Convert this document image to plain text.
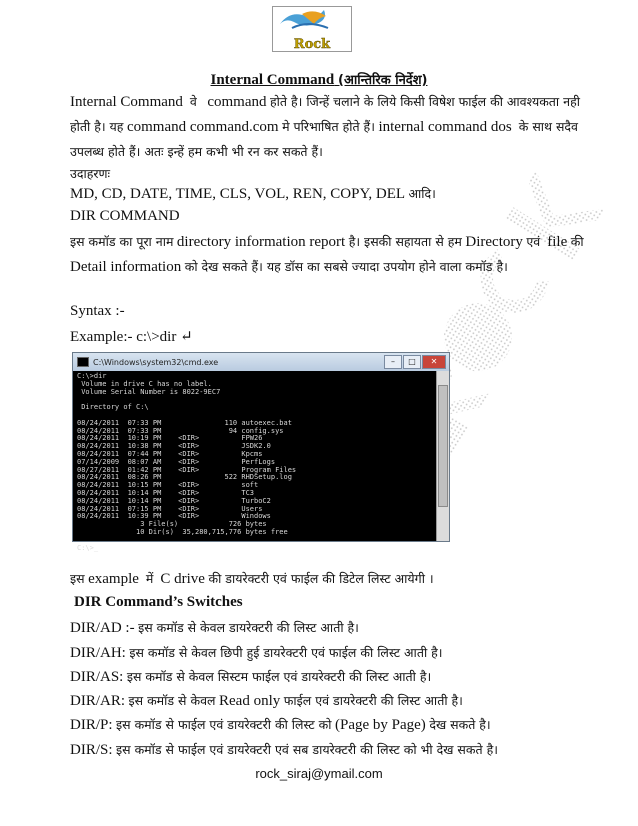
Rock
Internal Command (आन्तिरिक निर्देश)
Internal Command वे command होते है। जिन्हें चलाने के लिये किसी विषेश फाईल की आवश्यकता नही
होती है। यह command command.com मे परिभाषित होते हैं। internal command dos के साथ सदैव
उपलब्ध होते हैं। अतः इन्हें हम कभी भी रन कर सकते हैं।
उदाहरणः
MD, CD, DATE, TIME, CLS, VOL, REN, COPY, DEL आदि।
DIR COMMAND
इस कमॉड का पूरा नाम directory information report है। इसकी सहायता से हम Directory एवं file की
Detail information को देख सकते हैं। यह डॉस का सबसे ज्यादा उपयोग होने वाला कमॉड है।
Syntax :-
Example:- c:\>dir ↵
C:\Windows\system32\cmd.exe	–	□	✕
C:\>dir
Volume in drive C has no label.
Volume Serial Number is 8022-9EC7

Directory of C:\

08/24/2011  07:33 PM               110 autoexec.bat
08/24/2011  07:33 PM                94 config.sys
08/24/2011  10:19 PM    <DIR>          FPW26
08/24/2011  10:38 PM    <DIR>          JSDK2.0
08/24/2011  07:44 PM    <DIR>          Kpcms
07/14/2009  08:07 AM    <DIR>          PerfLogs
08/27/2011  01:42 PM    <DIR>          Program Files
08/24/2011  08:26 PM               522 RHDSetup.log
08/24/2011  10:15 PM    <DIR>          soft
08/24/2011  10:14 PM    <DIR>          TC3
08/24/2011  10:14 PM    <DIR>          TurboC2
08/24/2011  07:15 PM    <DIR>          Users
08/24/2011  10:39 PM    <DIR>          Windows
3 File(s)            726 bytes
10 Dir(s)  35,280,715,776 bytes free

C:\>_
इस example में C drive की डायरेक्टरी एवं फाईल की डिटेल लिस्ट आयेगी ।
DIR Command’s Switches
DIR/AD :- इस कमॉड से केवल डायरेक्टरी की लिस्ट आती है।
DIR/AH: इस कमॉड से केवल छिपी हुई डायरेक्टरी एवं फाईल की लिस्ट आती है।
DIR/AS: इस कमॉड से केवल सिस्टम फाईल एवं डायरेक्टरी की लिस्ट आती है।
DIR/AR: इस कमॉड से केवल Read only फाईल एवं डायरेक्टरी की लिस्ट आती है।
DIR/P: इस कमॉड से फाईल एवं डायरेक्टरी की लिस्ट को (Page by Page) देख सकते है।
DIR/S: इस कमॉड से फाईल एवं डायरेक्टरी एवं सब डायरेक्टरी की लिस्ट को भी देख सकते है।
rock_siraj@ymail.com
